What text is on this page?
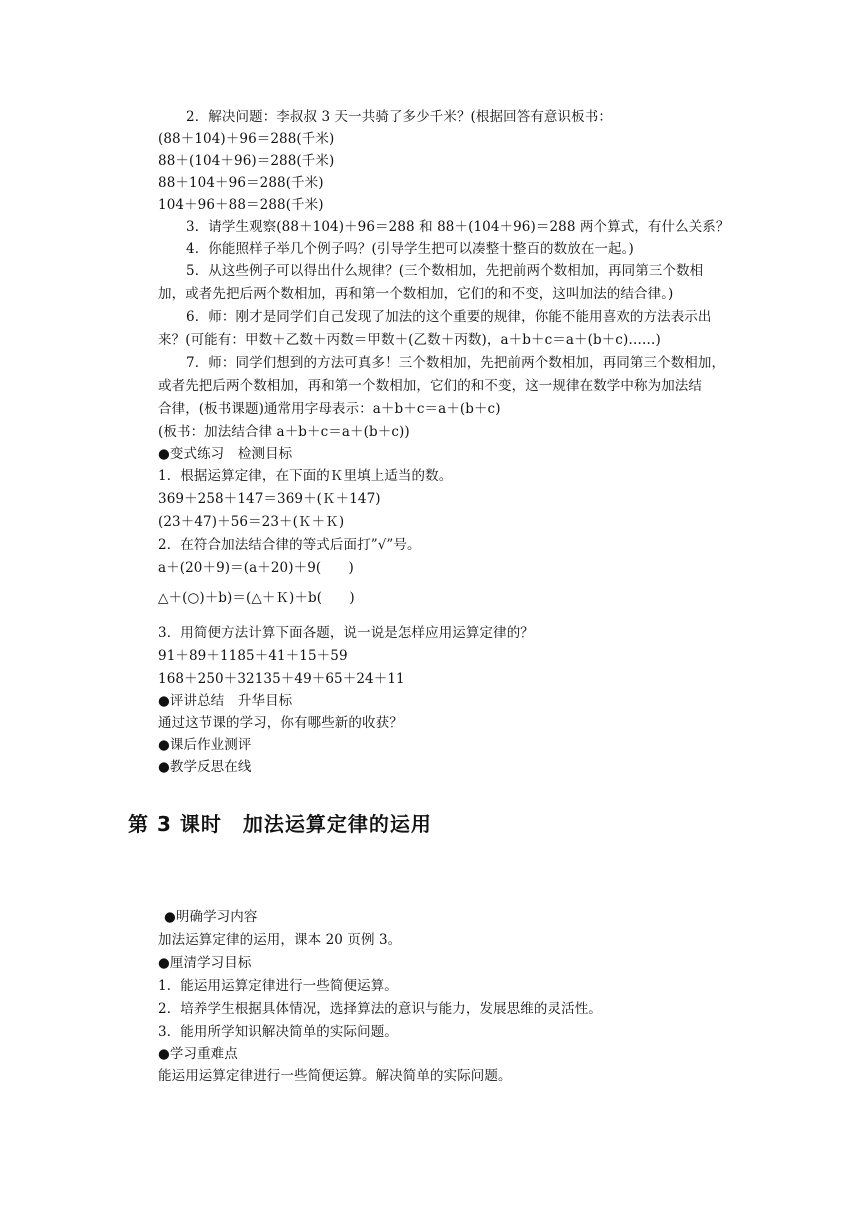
2．解决问题：李叔叔 3 天一共骑了多少千米？(根据回答有意识板书：
(88＋104)＋96＝288(千米)
88＋(104＋96)＝288(千米)
88＋104＋96＝288(千米)
104＋96＋88＝288(千米)
3．请学生观察(88＋104)＋96＝288 和 88＋(104＋96)＝288 两个算式，有什么关系？
4．你能照样子举几个例子吗？(引导学生把可以凑整十整百的数放在一起。)
5．从这些例子可以得出什么规律？(三个数相加，先把前两个数相加，再同第三个数相
加，或者先把后两个数相加，再和第一个数相加，它们的和不变，这叫加法的结合律。)
6．师：刚才是同学们自己发现了加法的这个重要的规律，你能不能用喜欢的方法表示出
来？(可能有：甲数＋乙数＋丙数＝甲数＋(乙数＋丙数)，a＋b＋c＝a＋(b＋c)……)
7．师：同学们想到的方法可真多！三个数相加，先把前两个数相加，再同第三个数相加，
或者先把后两个数相加，再和第一个数相加，它们的和不变，这一规律在数学中称为加法结
合律，(板书课题)通常用字母表示：a＋b＋c＝a＋(b＋c)
(板书：加法结合律 a＋b＋c＝a＋(b＋c))
●变式练习　检测目标
1．根据运算定律，在下面的Ｋ里填上适当的数。
369＋258＋147＝369＋(Ｋ＋147)
(23＋47)＋56＝23＋(Ｋ＋Ｋ)
2．在符合加法结合律的等式后面打”√”号。
a＋(20＋9)＝(a＋20)＋9(　　)
△＋(○)＋b)＝(△＋Ｋ)＋b(　　)
3．用简便方法计算下面各题，说一说是怎样应用运算定律的？
91＋89＋1185＋41＋15＋59
168＋250＋32135＋49＋65＋24＋11
●评讲总结　升华目标
通过这节课的学习，你有哪些新的收获？
●课后作业测评
●教学反思在线
第 3 课时　加法运算定律的运用
●明确学习内容
加法运算定律的运用，课本 20 页例 3。
●厘清学习目标
1．能运用运算定律进行一些简便运算。
2．培养学生根据具体情况，选择算法的意识与能力，发展思维的灵活性。
3．能用所学知识解决简单的实际问题。
●学习重难点
能运用运算定律进行一些简便运算。解决简单的实际问题。
